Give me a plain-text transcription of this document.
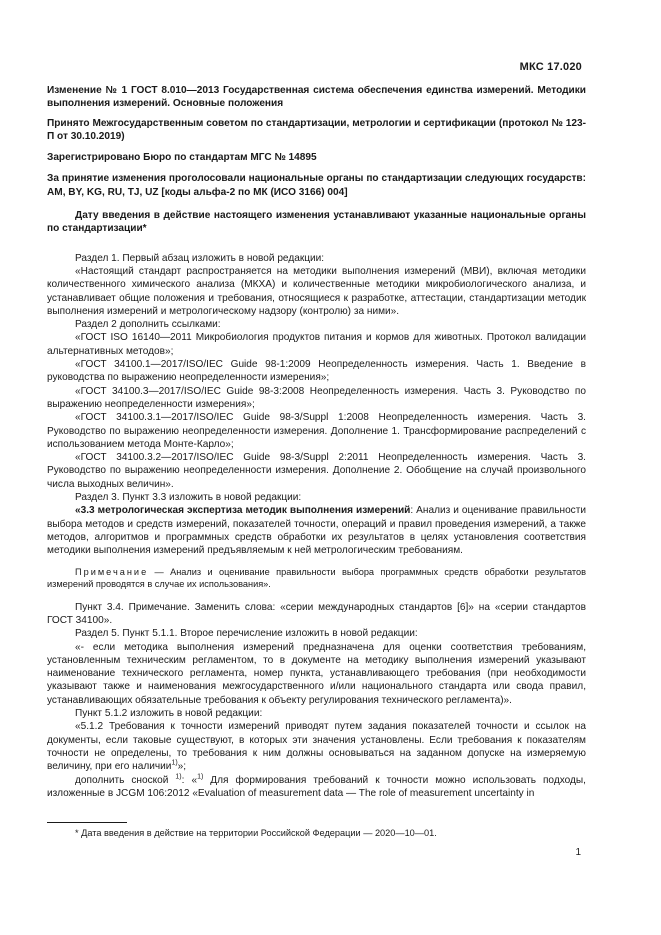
МКС 17.020

Изменение № 1 ГОСТ 8.010—2013 Государственная система обеспечения единства измерений. Методики выполнения измерений. Основные положения

Принято Межгосударственным советом по стандартизации, метрологии и сертификации (протокол № 123-П от 30.10.2019)

Зарегистрировано Бюро по стандартам МГС № 14895

За принятие изменения проголосовали национальные органы по стандартизации следующих государств: AM, BY, KG, RU, TJ, UZ [коды альфа-2 по МК (ИСО 3166) 004]

Дату введения в действие настоящего изменения устанавливают указанные национальные органы по стандартизации*

Раздел 1. Первый абзац изложить в новой редакции:

«Настоящий стандарт распространяется на методики выполнения измерений (МВИ), включая методики количественного химического анализа (МКХА) и количественные методики микробиологического анализа, и устанавливает общие положения и требования, относящиеся к разработке, аттестации, стандартизации методик выполнения измерений и метрологическому надзору (контролю) за ними».

Раздел 2 дополнить ссылками:

«ГОСТ ISO 16140—2011 Микробиология продуктов питания и кормов для животных. Протокол валидации альтернативных методов»;

«ГОСТ 34100.1—2017/ISO/IEC Guide 98-1:2009 Неопределенность измерения. Часть 1. Введение в руководства по выражению неопределенности измерения»;

«ГОСТ 34100.3—2017/ISO/IEC Guide 98-3:2008 Неопределенность измерения. Часть 3. Руководство по выражению неопределенности измерения»;

«ГОСТ 34100.3.1—2017/ISO/IEC Guide 98-3/Suppl 1:2008 Неопределенность измерения. Часть 3. Руководство по выражению неопределенности измерения. Дополнение 1. Трансформирование распределений с использованием метода Монте-Карло»;

«ГОСТ 34100.3.2—2017/ISO/IEC Guide 98-3/Suppl 2:2011 Неопределенность измерения. Часть 3. Руководство по выражению неопределенности измерения. Дополнение 2. Обобщение на случай произвольного числа выходных величин».

Раздел 3. Пункт 3.3 изложить в новой редакции:

«3.3 метрологическая экспертиза методик выполнения измерений: Анализ и оценивание правильности выбора методов и средств измерений, показателей точности, операций и правил проведения измерений, а также методов, алгоритмов и программных средств обработки их результатов в целях установления соответствия методики выполнения измерений предъявляемым к ней метрологическим требованиям.

Примечание — Анализ и оценивание правильности выбора программных средств обработки результатов измерений проводятся в случае их использования».

Пункт 3.4. Примечание. Заменить слова: «серии международных стандартов [6]» на «серии стандартов ГОСТ 34100».

Раздел 5. Пункт 5.1.1. Второе перечисление изложить в новой редакции:

«- если методика выполнения измерений предназначена для оценки соответствия требованиям, установленным техническим регламентом, то в документе на методику выполнения измерений указывают наименование технического регламента, номер пункта, устанавливающего требования (при необходимости указывают также и наименования межгосударственного и/или национального стандарта или свода правил, устанавливающих обязательные требования к объекту регулирования технического регламента)».

Пункт 5.1.2 изложить в новой редакции:

«5.1.2 Требования к точности измерений приводят путем задания показателей точности и ссылок на документы, если таковые существуют, в которых эти значения установлены. Если требования к показателям точности не определены, то требования к ним должны основываться на заданном допуске на измеряемую величину, при его наличии$^{1)}$»;

дополнить сноской $^{1)}$: «$^{1)}$ Для формирования требований к точности можно использовать подходы, изложенные в JCGM 106:2012 «Evaluation of measurement data — The role of measurement uncertainty in

* Дата введения в действие на территории Российской Федерации — 2020—10—01.
1
